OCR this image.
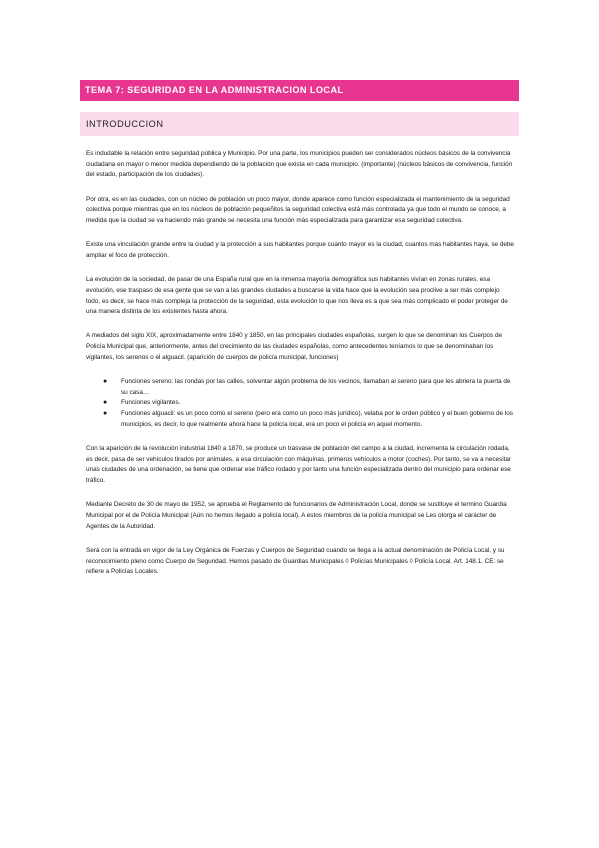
TEMA 7: SEGURIDAD EN LA ADMINISTRACION LOCAL
INTRODUCCION

Es indudable la relación entre seguridad pública y Municipio. Por una parte, los municipios pueden ser considerados núcleos básicos de la convivencia ciudadana en mayor o menor medida dependiendo de la población que exista en cada municipio. (importante) (núcleos básicos de convivencia, función del estado, participación de los ciudades).

Por otra, es en las ciudades, con un núcleo de población un poco mayor, donde aparece como función especializada el mantenimiento de la seguridad colectiva porque mientras que en los núcleos de población pequeñitos la seguridad colectiva está más controlada ya que todo el mundo se conoce, a medida que la ciudad se va haciendo más grande se necesita una función más especializada para garantizar esa seguridad colectiva.

Existe una vinculación grande entre la ciudad y la protección a sus habitantes porque cuanto mayor es la ciudad, cuantos más habitantes haya, se debe ampliar el foco de protección.

La evolución de la sociedad, de pasar de una España rural que en la inmensa mayoría demográfica sus habitantes vivían en zonas rurales, esa evolución, ese traspaso de esa gente que se van a las grandes ciudades a buscarse la vida hace que la evolución sea proclive a ser más complejo todo, es decir, se hace más compleja la protección de la seguridad, esta evolución lo que nos lleva es a que sea más complicado el poder proteger de una manera distinta de los existentes hasta ahora.

A mediados del siglo XIX, aproximadamente entre 1840 y 1850, en las principales ciudades españolas, surgen lo que se denominan los Cuerpos de Policía Municipal que, anteriormente, antes del crecimiento de las ciudades españolas, como antecedentes teníamos lo que se denominaban los vigilantes, los serenos o el alguacil. (aparición de cuerpos de policía municipal, funciones)

● Funciones sereno: las rondas por las calles, solventar algún problema de los vecinos, llamaban al sereno para que les abriera la puerta de su casa…
● Funciones vigilantes.
● Funciones alguacil: es un poco como el sereno (pero era como un poco más jurídico), velaba por le orden público y el buen gobierno de los municipios, es decir, lo que realmente ahora hace la policía local, era un poco el policía en aquel momento.

Con la aparición de la revolución industrial 1840 a 1870, se produce un trasvase de población del campo a la ciudad, incrementa la circulación rodada, es decir, pasa de ser vehículos tirados por animales, a esa circulación con máquinas, primeros vehículos a motor (coches). Por tanto, se va a necesitar unas ciudades de una ordenación, se tiene que ordenar ese tráfico rodado y por tanto una función especializada dentro del municipio para ordenar ese tráfico.

Mediante Decreto de 30 de mayo de 1952, se aprueba el Reglamento de funcionarios de Administración Local, donde se sustituye el termino Guardia Municipal por el de Policía Municipal (Aún no hemos llegado a policía local). A estos miembros de la policía municipal se Les otorga el carácter de Agentes de la Autoridad.

Será con la entrada en vigor de la Ley Orgánica de Fuerzas y Cuerpos de Seguridad cuando se llega a la actual denominación de Policía Local, y su reconocimiento pleno como Cuerpo de Seguridad. Hemos pasado de Guardias Municipales ◊ Policías Municipales ◊ Policía Local. Art. 148.1. CE: se refiere a Policías Locales.
